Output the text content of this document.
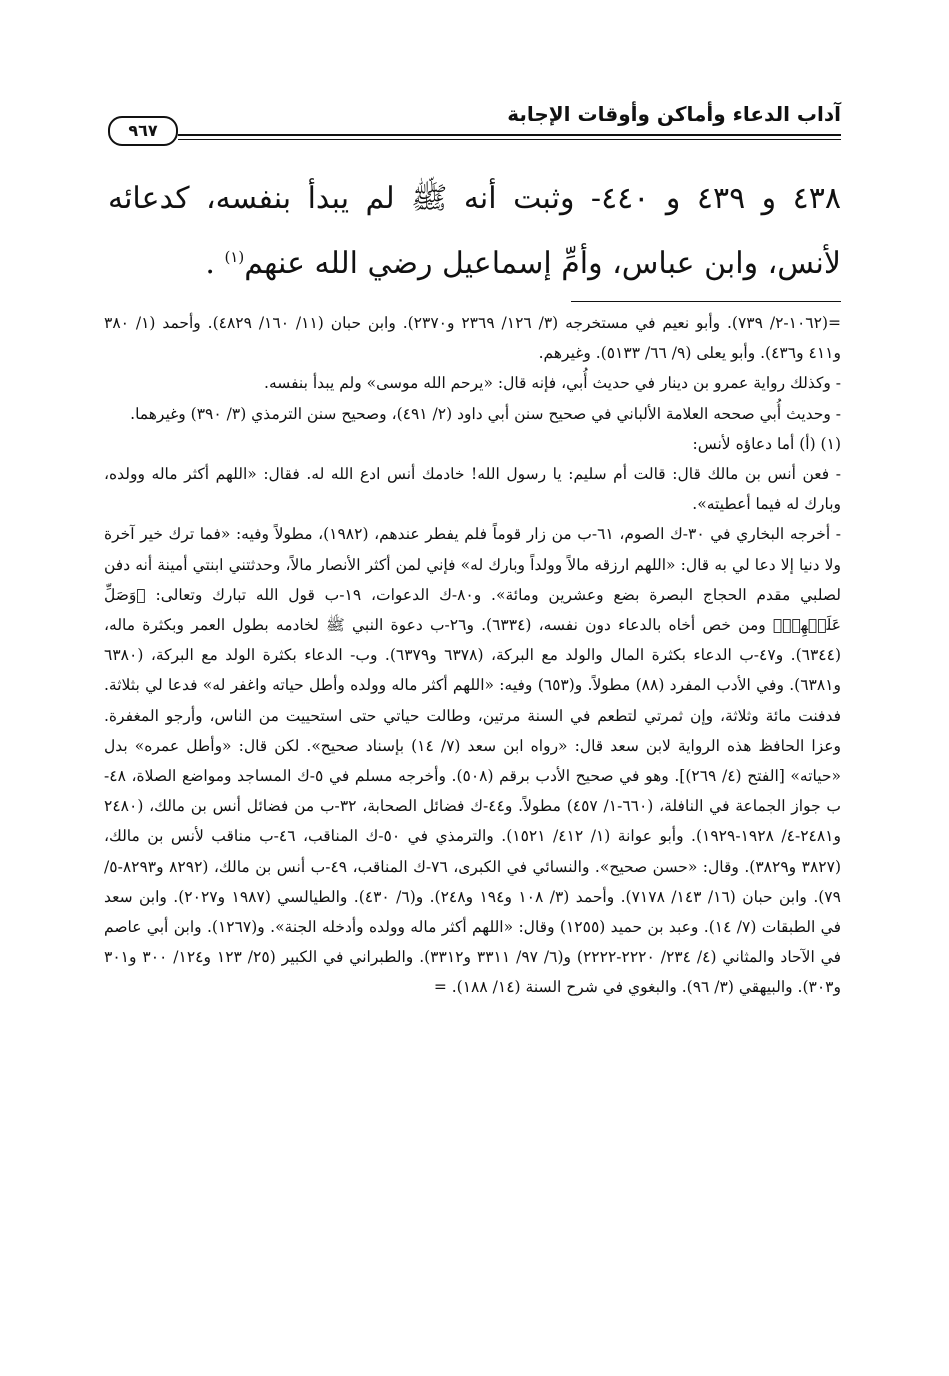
آداب الدعاء وأماكن وأوقات الإجابة
٩٦٧

٤٣٨ و ٤٣٩ و ٤٤٠- وثبت أنه ﷺ لم يبدأ بنفسه، كدعائه لأنس، وابن عباس، وأمِّ إسماعيل رضي الله عنهم$^{(١)}$ .

=(١٠٦٢-٢/ ٧٣٩). وأبو نعيم في مستخرجه (٣/ ١٢٦/ ٢٣٦٩ و٢٣٧٠). وابن حبان (١١/ ١٦٠/ ٤٨٢٩). وأحمد (١/ ٣٨٠ و٤١١ و٤٣٦). وأبو يعلى (٩/ ٦٦/ ٥١٣٣). وغيرهم.

- وكذلك رواية عمرو بن دينار في حديث أُبي، فإنه قال: «يرحم الله موسى» ولم يبدأ بنفسه.

- وحديث أُبي صححه العلامة الألباني في صحيح سنن أبي داود (٢/ ٤٩١)، وصحيح سنن الترمذي (٣/ ٣٩٠) وغيرهما.

(١) (أ) أما دعاؤه لأنس:

- فعن أنس بن مالك قال: قالت أم سليم: يا رسول الله! خادمك أنس ادع الله له. فقال: «اللهم أكثر ماله وولده، وبارك له فيما أعطيته».

- أخرجه البخاري في ٣٠-ك الصوم، ٦١-ب من زار قوماً فلم يفطر عندهم، (١٩٨٢)، مطولاً وفيه: «فما ترك خير آخرة ولا دنيا إلا دعا لي به قال: «اللهم ارزقه مالاً وولداً وبارك له» فإني لمن أكثر الأنصار مالاً، وحدثتني ابنتي أمينة أنه دفن لصلبي مقدم الحجاج البصرة بضع وعشرين ومائة». و٨٠-ك الدعوات، ١٩-ب قول الله تبارك وتعالى: ﴿وَصَلِّ عَلَيۡهِمۡ﴾ ومن خص أخاه بالدعاء دون نفسه، (٦٣٣٤). و٢٦-ب دعوة النبي ﷺ لخادمه بطول العمر وبكثرة ماله، (٦٣٤٤). و٤٧-ب الدعاء بكثرة المال والولد مع البركة، (٦٣٧٨ و٦٣٧٩). وب- الدعاء بكثرة الولد مع البركة، (٦٣٨٠ و٦٣٨١). وفي الأدب المفرد (٨٨) مطولاً. و(٦٥٣) وفيه: «اللهم أكثر ماله وولده وأطل حياته واغفر له» فدعا لي بثلاثة. فدفنت مائة وثلاثة، وإن ثمرتي لتطعم في السنة مرتين، وطالت حياتي حتى استحييت من الناس، وأرجو المغفرة. وعزا الحافظ هذه الرواية لابن سعد قال: «رواه ابن سعد (٧/ ١٤) بإسناد صحيح». لكن قال: «وأطل عمره» بدل «حياته» [الفتح (٤/ ٢٦٩)]. وهو في صحيح الأدب برقم (٥٠٨). وأخرجه مسلم في ٥-ك المساجد ومواضع الصلاة، ٤٨-ب جواز الجماعة في النافلة، (٦٦٠-١/ ٤٥٧) مطولاً. و٤٤-ك فضائل الصحابة، ٣٢-ب من فضائل أنس بن مالك، (٢٤٨٠ و٢٤٨١-٤/ ١٩٢٨-١٩٢٩). وأبو عوانة (١/ ٤١٢/ ١٥٢١). والترمذي في ٥٠-ك المناقب، ٤٦-ب مناقب لأنس بن مالك، (٣٨٢٧ و٣٨٢٩). وقال: «حسن صحيح». والنسائي في الكبرى، ٧٦-ك المناقب، ٤٩-ب أنس بن مالك، (٨٢٩٢ و٨٢٩٣-٥/ ٧٩). وابن حبان (١٦/ ١٤٣/ ٧١٧٨). وأحمد (٣/ ١٠٨ و١٩٤ و٢٤٨). و(٦/ ٤٣٠). والطيالسي (١٩٨٧ و٢٠٢٧). وابن سعد في الطبقات (٧/ ١٤). وعبد بن حميد (١٢٥٥) وقال: «اللهم أكثر ماله وولده وأدخله الجنة». و(١٢٦٧). وابن أبي عاصم في الآحاد والمثاني (٤/ ٢٣٤/ ٢٢٢٠-٢٢٢٢) و(٦/ ٩٧/ ٣٣١١ و٣٣١٢). والطبراني في الكبير (٢٥/ ١٢٣ و١٢٤/ ٣٠٠ و٣٠١ و٣٠٣). والبيهقي (٣/ ٩٦). والبغوي في شرح السنة (١٤/ ١٨٨). =
